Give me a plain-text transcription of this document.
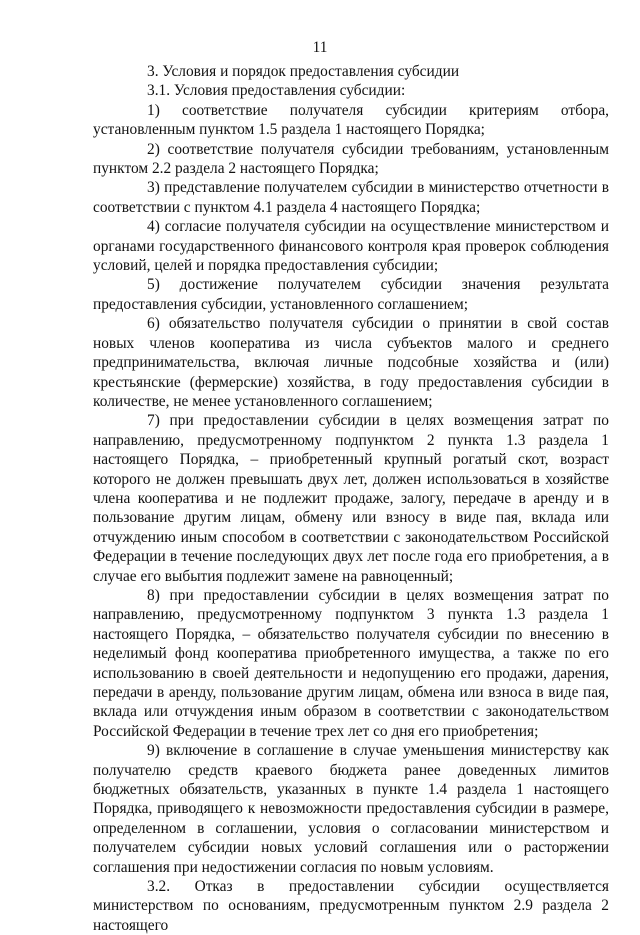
11

3. Условия и порядок предоставления субсидии

3.1. Условия предоставления субсидии:

1) соответствие получателя субсидии критериям отбора, установленным пунктом 1.5 раздела 1 настоящего Порядка;

2) соответствие получателя субсидии требованиям, установленным пунктом 2.2 раздела 2 настоящего Порядка;

3) представление получателем субсидии в министерство отчетности в соответствии с пунктом 4.1 раздела 4 настоящего Порядка;

4) согласие получателя субсидии на осуществление министерством и органами государственного финансового контроля края проверок соблюдения условий, целей и порядка предоставления субсидии;

5) достижение получателем субсидии значения результата предоставления субсидии, установленного соглашением;

6) обязательство получателя субсидии о принятии в свой состав новых членов кооператива из числа субъектов малого и среднего предпринимательства, включая личные подсобные хозяйства и (или) крестьянские (фермерские) хозяйства, в году предоставления субсидии в количестве, не менее установленного соглашением;

7) при предоставлении субсидии в целях возмещения затрат по направлению, предусмотренному подпунктом 2 пункта 1.3 раздела 1 настоящего Порядка, – приобретенный крупный рогатый скот, возраст которого не должен превышать двух лет, должен использоваться в хозяйстве члена кооператива и не подлежит продаже, залогу, передаче в аренду и в пользование другим лицам, обмену или взносу в виде пая, вклада или отчуждению иным способом в соответствии с законодательством Российской Федерации в течение последующих двух лет после года его приобретения, а в случае его выбытия подлежит замене на равноценный;

8) при предоставлении субсидии в целях возмещения затрат по направлению, предусмотренному подпунктом 3 пункта 1.3 раздела 1 настоящего Порядка, – обязательство получателя субсидии по внесению в неделимый фонд кооператива приобретенного имущества, а также по его использованию в своей деятельности и недопущению его продажи, дарения, передачи в аренду, пользование другим лицам, обмена или взноса в виде пая, вклада или отчуждения иным образом в соответствии с законодательством Российской Федерации в течение трех лет со дня его приобретения;

9) включение в соглашение в случае уменьшения министерству как получателю средств краевого бюджета ранее доведенных лимитов бюджетных обязательств, указанных в пункте 1.4 раздела 1 настоящего Порядка, приводящего к невозможности предоставления субсидии в размере, определенном в соглашении, условия о согласовании министерством и получателем субсидии новых условий соглашения или о расторжении соглашения при недостижении согласия по новым условиям.

3.2. Отказ в предоставлении субсидии осуществляется министерством по основаниям, предусмотренным пунктом 2.9 раздела 2 настоящего
